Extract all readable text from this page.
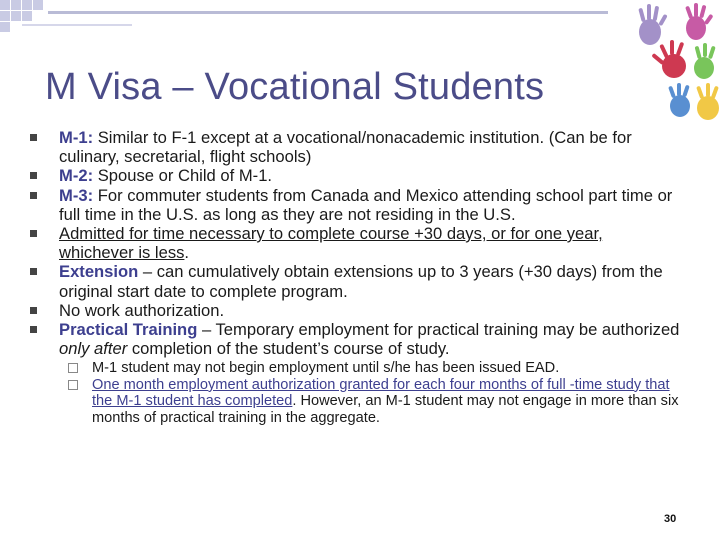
M Visa – Vocational Students
M-1: Similar to F-1 except at a vocational/nonacademic institution. (Can be for culinary, secretarial, flight schools)
M-2: Spouse or Child of M-1.
M-3: For commuter students from Canada and Mexico attending school part time or full time in the U.S. as long as they are not residing in the U.S.
Admitted for time necessary to complete course +30 days, or for one year, whichever is less.
Extension – can cumulatively obtain extensions up to 3 years (+30 days) from the original start date to complete program.
No work authorization.
Practical Training – Temporary employment for practical training may be authorized only after completion of the student’s course of study.
M-1 student may not begin employment until s/he has been issued EAD.
One month employment authorization granted for each four months of full -time study that the M-1 student has completed. However, an M-1 student may not engage in more than six months of practical training in the aggregate.
30
